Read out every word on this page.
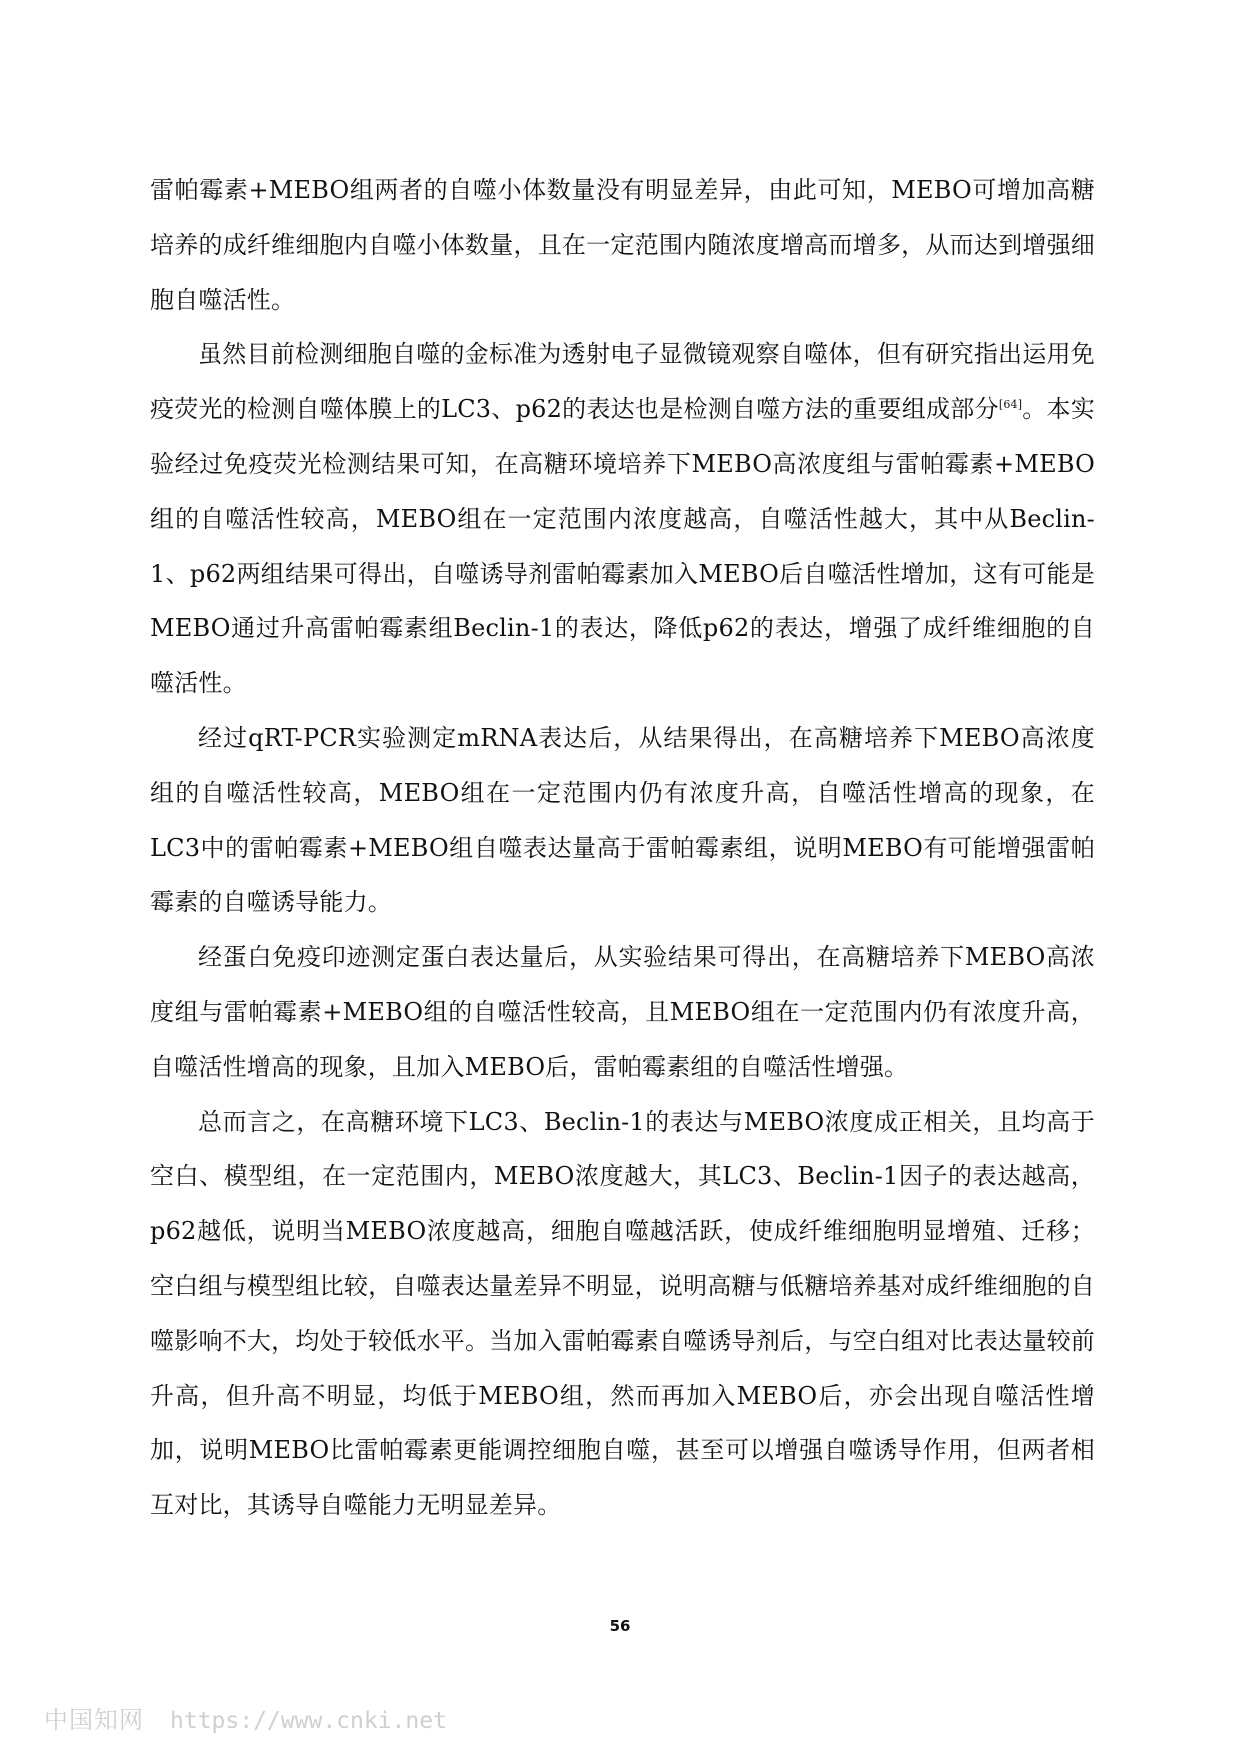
雷帕霉素+MEBO组两者的自噬小体数量没有明显差异，由此可知，MEBO可增加高糖培养的成纤维细胞内自噬小体数量，且在一定范围内随浓度增高而增多，从而达到增强细胞自噬活性。

虽然目前检测细胞自噬的金标准为透射电子显微镜观察自噬体，但有研究指出运用免疫荧光的检测自噬体膜上的LC3、p62的表达也是检测自噬方法的重要组成部分[64]。本实验经过免疫荧光检测结果可知，在高糖环境培养下MEBO高浓度组与雷帕霉素+MEBO组的自噬活性较高，MEBO组在一定范围内浓度越高，自噬活性越大，其中从Beclin-1、p62两组结果可得出，自噬诱导剂雷帕霉素加入MEBO后自噬活性增加，这有可能是MEBO通过升高雷帕霉素组Beclin-1的表达，降低p62的表达，增强了成纤维细胞的自噬活性。

经过qRT-PCR实验测定mRNA表达后，从结果得出，在高糖培养下MEBO高浓度组的自噬活性较高，MEBO组在一定范围内仍有浓度升高，自噬活性增高的现象，在LC3中的雷帕霉素+MEBO组自噬表达量高于雷帕霉素组，说明MEBO有可能增强雷帕霉素的自噬诱导能力。

经蛋白免疫印迹测定蛋白表达量后，从实验结果可得出，在高糖培养下MEBO高浓度组与雷帕霉素+MEBO组的自噬活性较高，且MEBO组在一定范围内仍有浓度升高，自噬活性增高的现象，且加入MEBO后，雷帕霉素组的自噬活性增强。

总而言之，在高糖环境下LC3、Beclin-1的表达与MEBO浓度成正相关，且均高于空白、模型组，在一定范围内，MEBO浓度越大，其LC3、Beclin-1因子的表达越高，p62越低，说明当MEBO浓度越高，细胞自噬越活跃，使成纤维细胞明显增殖、迁移；空白组与模型组比较，自噬表达量差异不明显，说明高糖与低糖培养基对成纤维细胞的自噬影响不大，均处于较低水平。当加入雷帕霉素自噬诱导剂后，与空白组对比表达量较前升高，但升高不明显，均低于MEBO组，然而再加入MEBO后，亦会出现自噬活性增加，说明MEBO比雷帕霉素更能调控细胞自噬，甚至可以增强自噬诱导作用，但两者相互对比，其诱导自噬能力无明显差异。

56
中国知网 https://www.cnki.net
